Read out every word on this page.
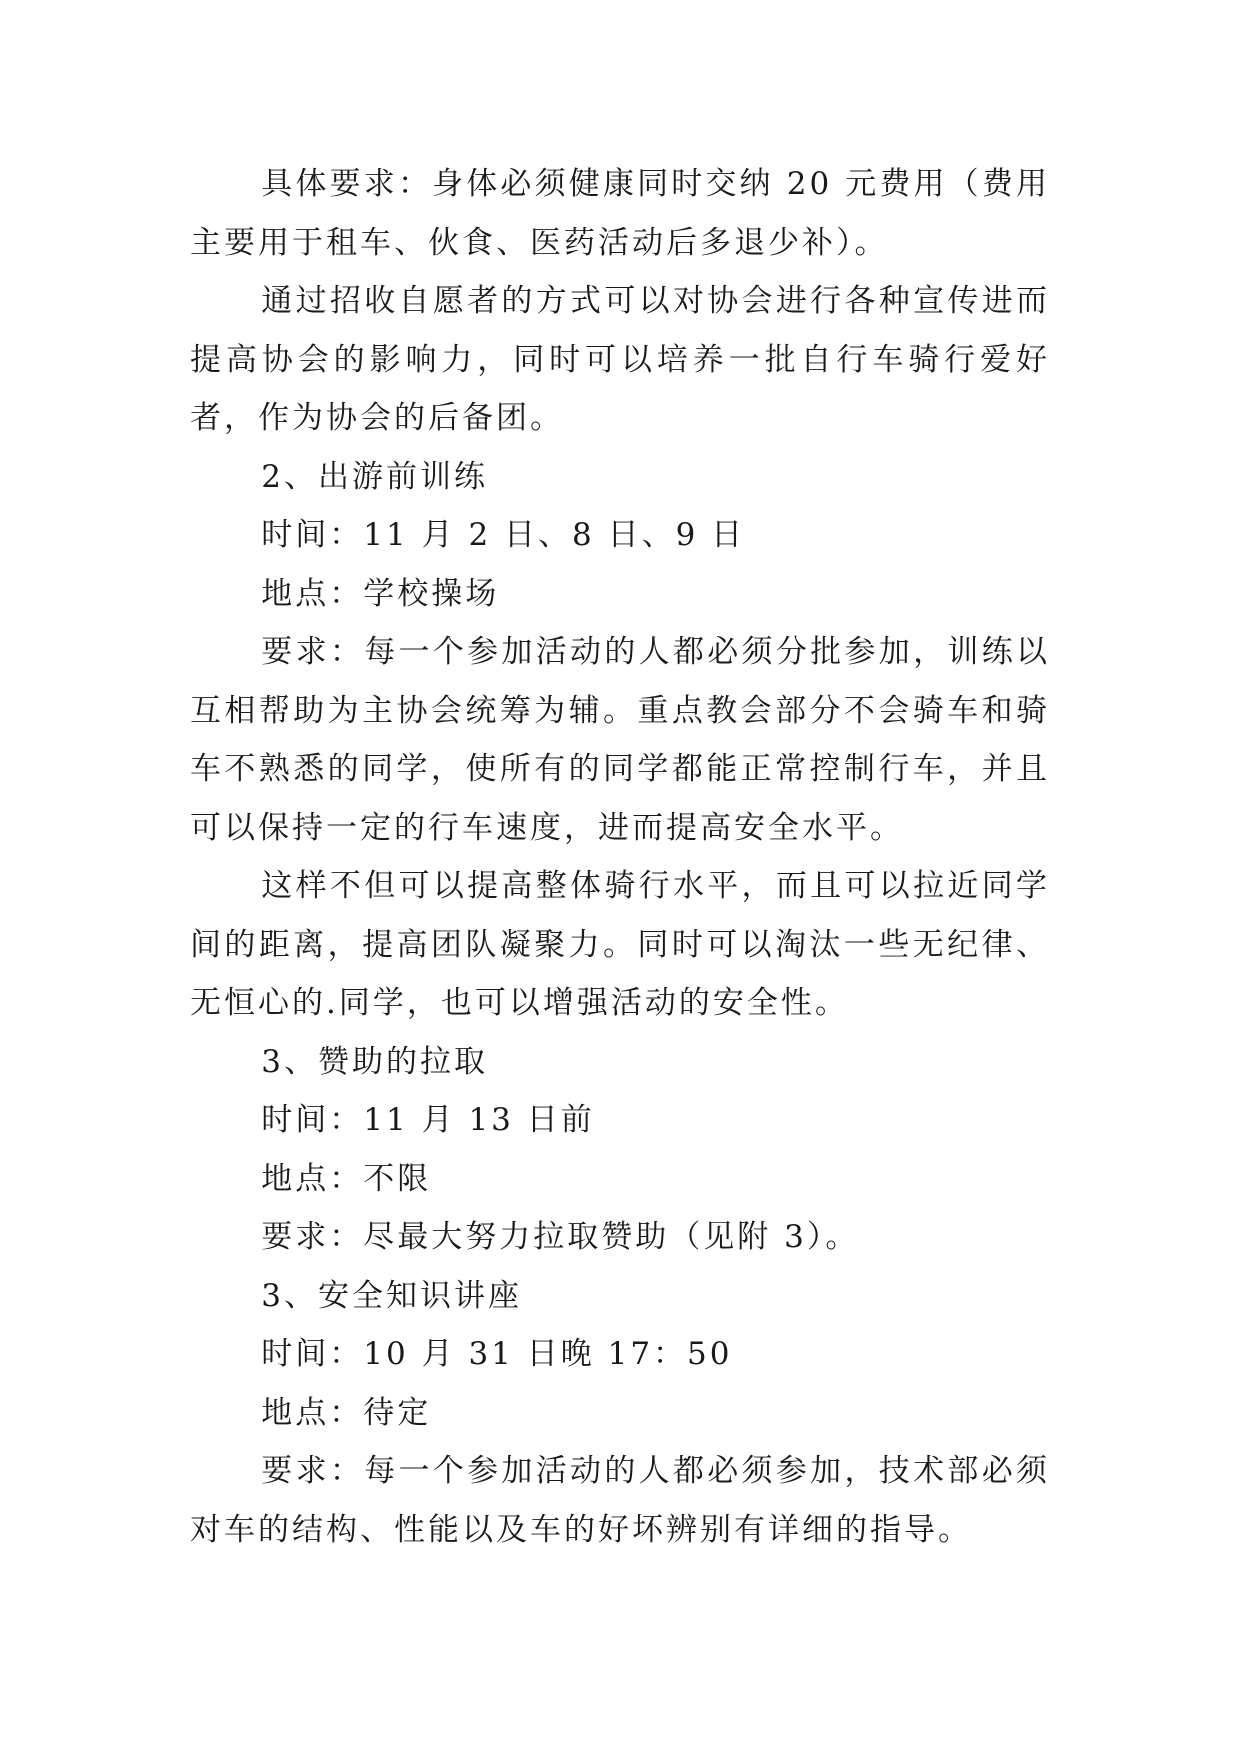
具体要求：身体必须健康同时交纳 20 元费用（费用主要用于租车、伙食、医药活动后多退少补）。

通过招收自愿者的方式可以对协会进行各种宣传进而提高协会的影响力，同时可以培养一批自行车骑行爱好者，作为协会的后备团。

2、出游前训练

时间：11 月 2 日、8 日、9 日

地点：学校操场

要求：每一个参加活动的人都必须分批参加，训练以互相帮助为主协会统筹为辅。重点教会部分不会骑车和骑车不熟悉的同学，使所有的同学都能正常控制行车，并且可以保持一定的行车速度，进而提高安全水平。

这样不但可以提高整体骑行水平，而且可以拉近同学间的距离，提高团队凝聚力。同时可以淘汰一些无纪律、无恒心的.同学，也可以增强活动的安全性。

3、赞助的拉取

时间：11 月 13 日前

地点：不限

要求：尽最大努力拉取赞助（见附 3）。

3、安全知识讲座

时间：10 月 31 日晚 17：50

地点：待定

要求：每一个参加活动的人都必须参加，技术部必须对车的结构、性能以及车的好坏辨别有详细的指导。
